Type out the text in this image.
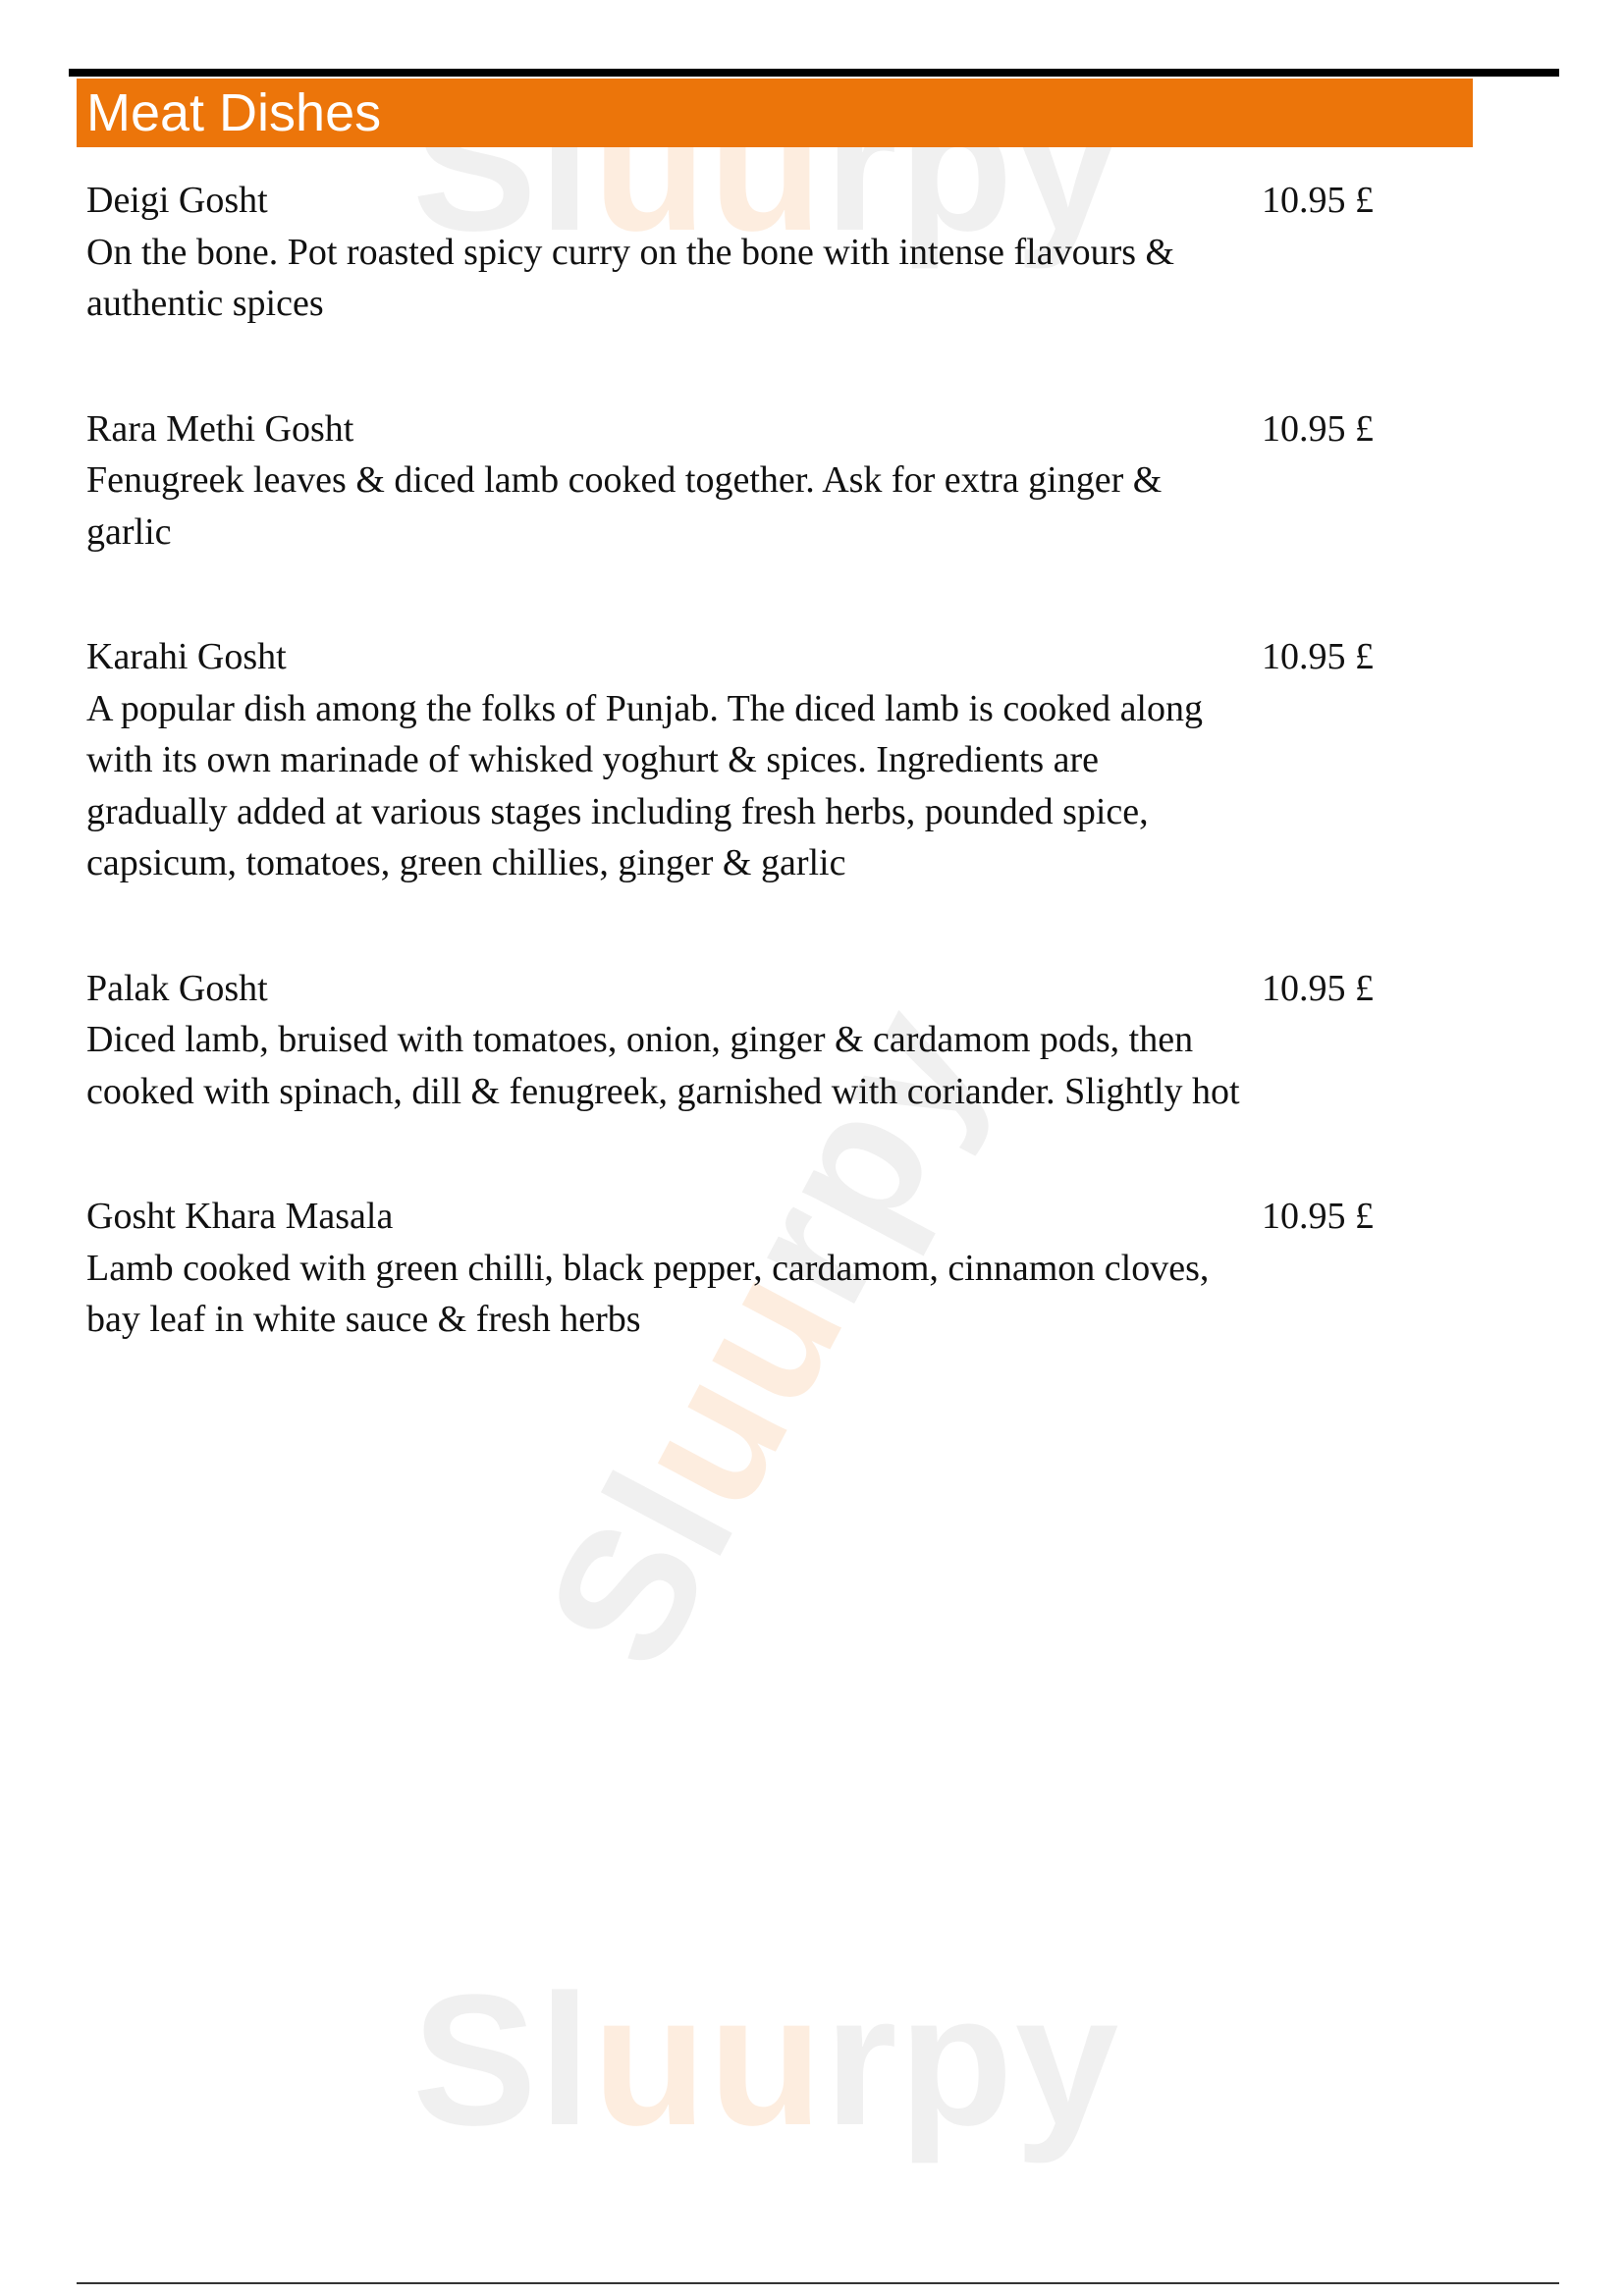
Sluurpy
Sluurpy
Sluurpy
Meat Dishes
Deigi Gosht	10.95 £
On the bone. Pot roasted spicy curry on the bone with intense flavours & authentic spices
Rara Methi Gosht	10.95 £
Fenugreek leaves & diced lamb cooked together. Ask for extra ginger & garlic
Karahi Gosht	10.95 £
A popular dish among the folks of Punjab. The diced lamb is cooked along with its own marinade of whisked yoghurt & spices. Ingredients are gradually added at various stages including fresh herbs, pounded spice, capsicum, tomatoes, green chillies, ginger & garlic
Palak Gosht	10.95 £
Diced lamb, bruised with tomatoes, onion, ginger & cardamom pods, then cooked with spinach, dill & fenugreek, garnished with coriander. Slightly hot
Gosht Khara Masala	10.95 £
Lamb cooked with green chilli, black pepper, cardamom, cinnamon cloves, bay leaf in white sauce & fresh herbs
